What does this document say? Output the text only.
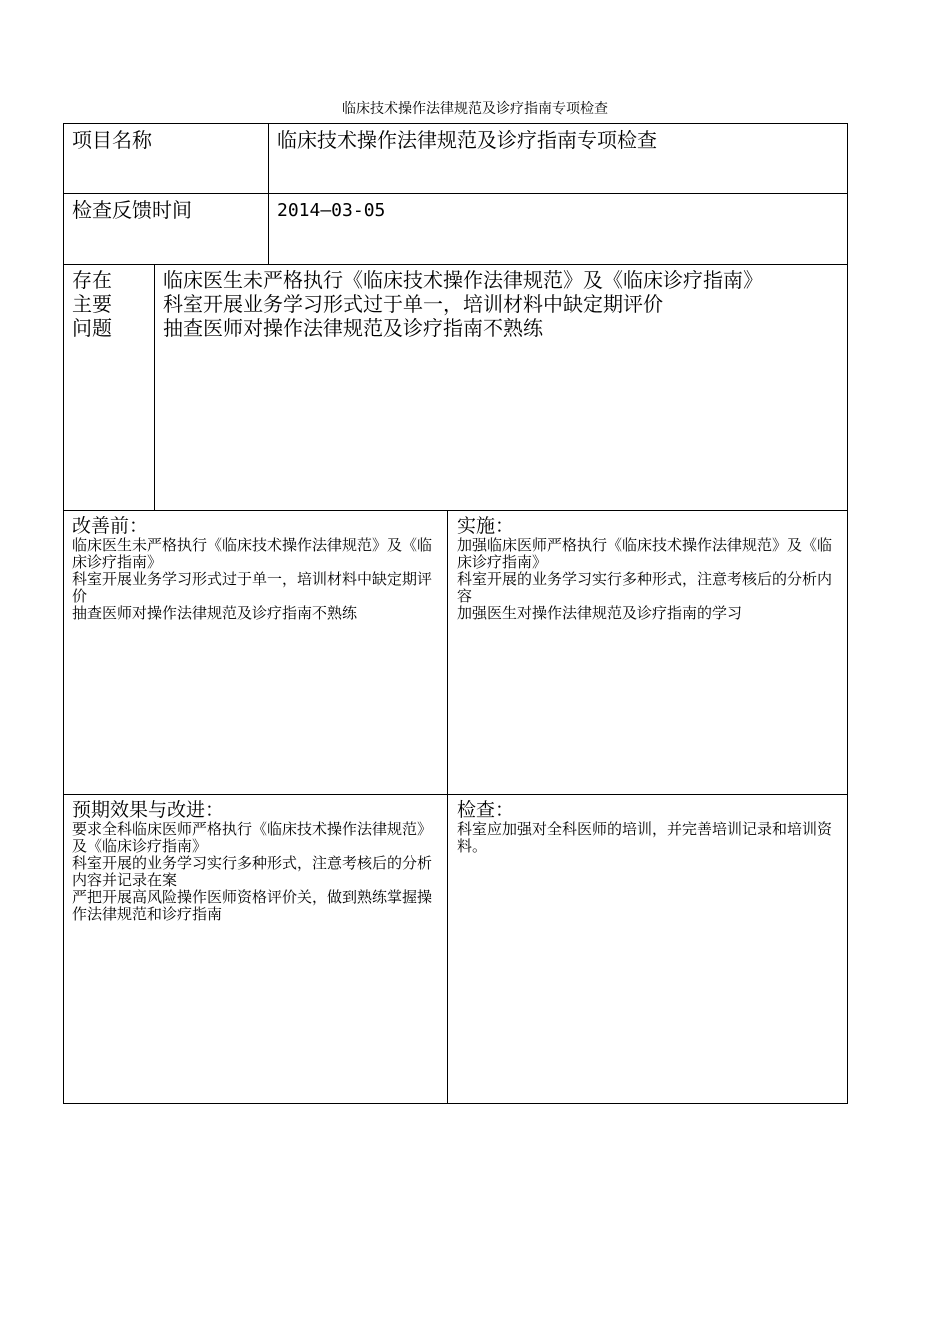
临床技术操作法律规范及诊疗指南专项检查
项目名称	临床技术操作法律规范及诊疗指南专项检查
检查反馈时间	2014—03-05
存在
主要
问题
临床医生未严格执行《临床技术操作法律规范》及《临床诊疗指南》
科室开展业务学习形式过于单一，培训材料中缺定期评价
抽查医师对操作法律规范及诊疗指南不熟练
改善前：
临床医生未严格执行《临床技术操作法律规范》及《临床诊疗指南》
科室开展业务学习形式过于单一，培训材料中缺定期评价
抽查医师对操作法律规范及诊疗指南不熟练
实施：
加强临床医师严格执行《临床技术操作法律规范》及《临床诊疗指南》
科室开展的业务学习实行多种形式，注意考核后的分析内容
加强医生对操作法律规范及诊疗指南的学习
预期效果与改进：
要求全科临床医师严格执行《临床技术操作法律规范》及《临床诊疗指南》
科室开展的业务学习实行多种形式，注意考核后的分析内容并记录在案
严把开展高风险操作医师资格评价关，做到熟练掌握操作法律规范和诊疗指南
检查：
科室应加强对全科医师的培训，并完善培训记录和培训资料。
